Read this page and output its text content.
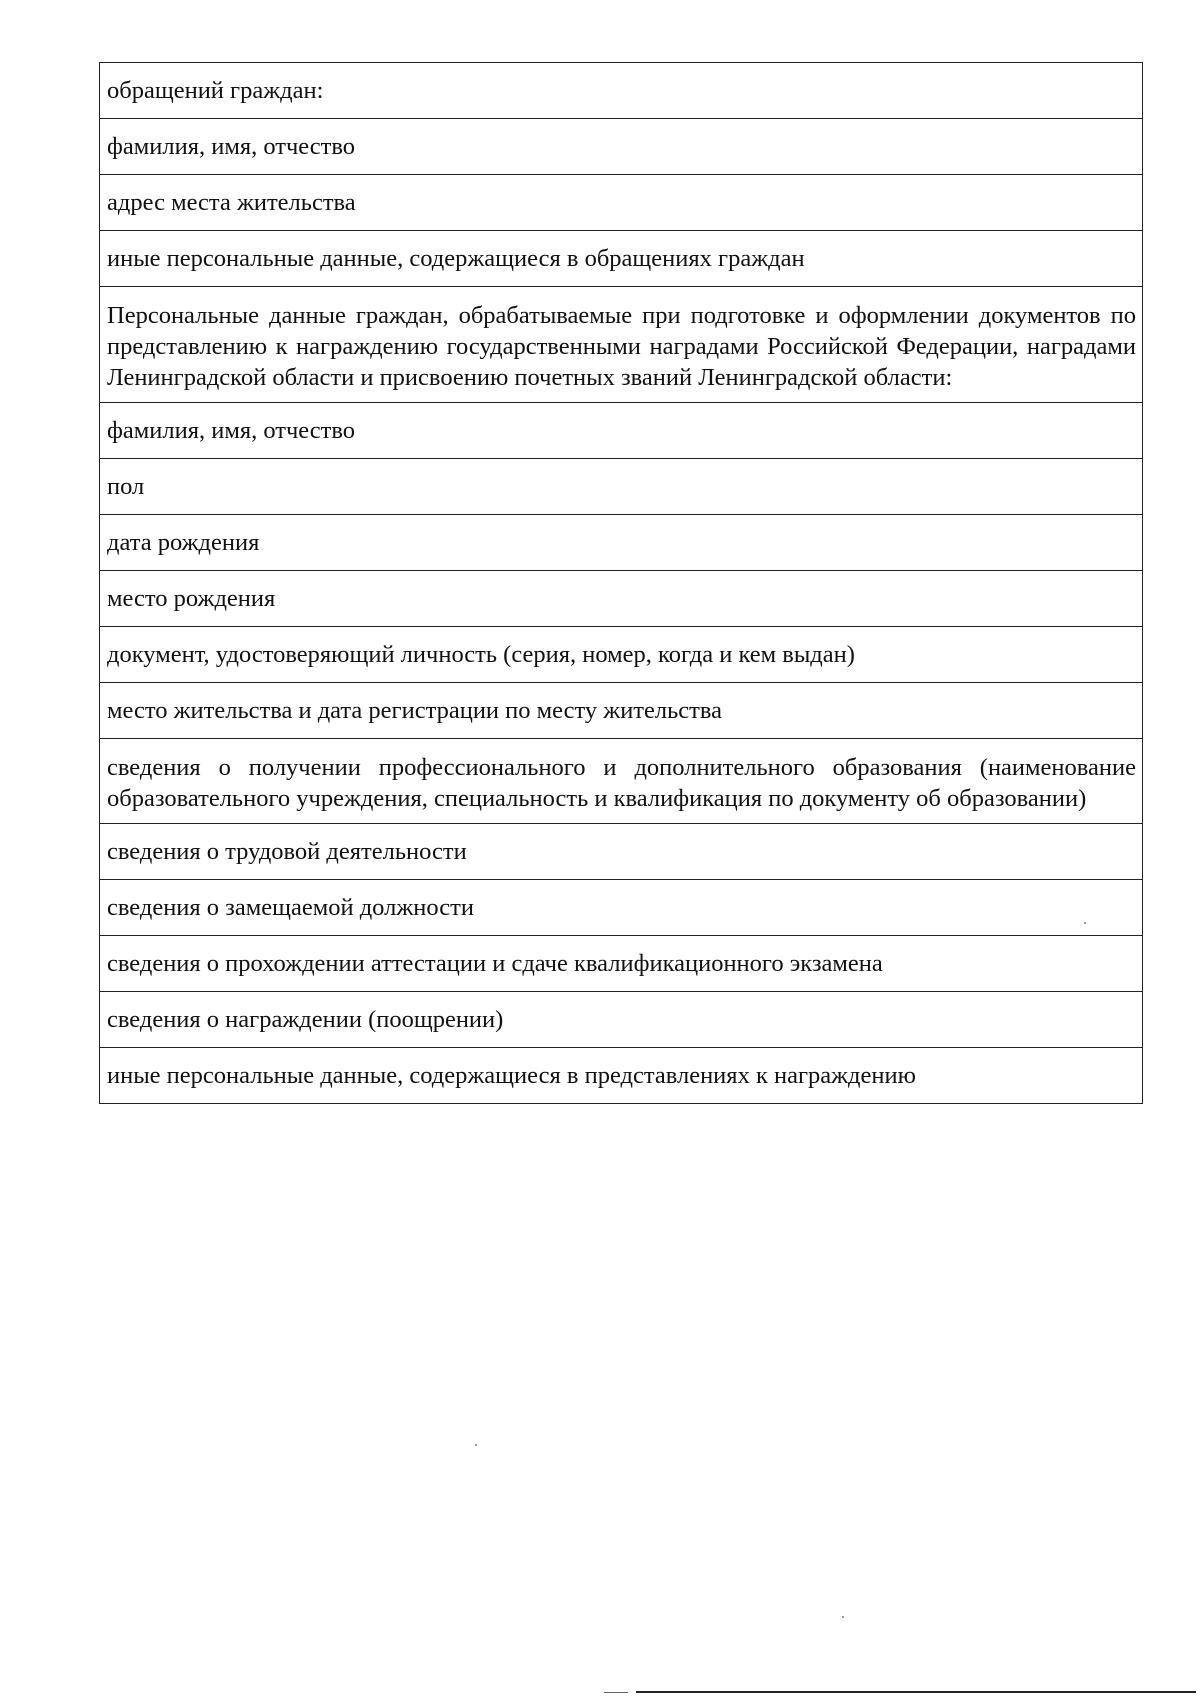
обращений граждан:
фамилия, имя, отчество
адрес места жительства
иные персональные данные, содержащиеся в обращениях граждан
Персональные данные граждан, обрабатываемые при подготовке и оформлении документов по представлению к награждению государственными наградами Российской Федерации, наградами Ленинградской области и присвоению почетных званий Ленинградской области:
фамилия, имя, отчество
пол
дата рождения
место рождения
документ, удостоверяющий личность (серия, номер, когда и кем выдан)
место жительства и дата регистрации по месту жительства
сведения о получении профессионального и дополнительного образования (наименование образовательного учреждения, специальность и квалификация по документу об образовании)
сведения о трудовой деятельности
сведения о замещаемой должности
сведения о прохождении аттестации и сдаче квалификационного экзамена
сведения о награждении (поощрении)
иные персональные данные, содержащиеся в представлениях к награждению
